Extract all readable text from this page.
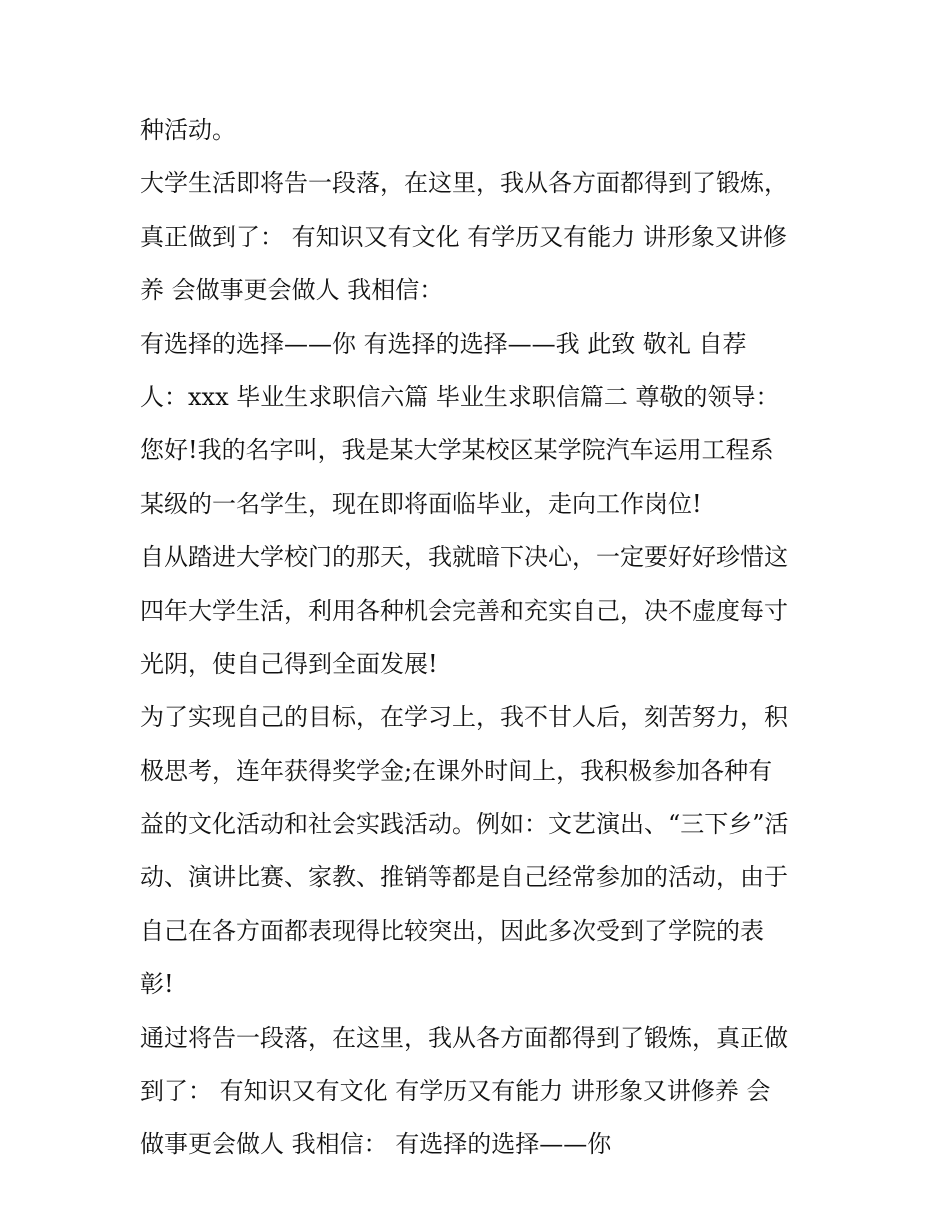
种活动。
大学生活即将告一段落，在这里，我从各方面都得到了锻炼，
真正做到了： 有知识又有文化 有学历又有能力 讲形象又讲修
养 会做事更会做人 我相信：
有选择的选择——你 有选择的选择——我 此致 敬礼 自荐
人：xxx 毕业生求职信六篇 毕业生求职信篇二 尊敬的领导：
您好!我的名字叫，我是某大学某校区某学院汽车运用工程系
某级的一名学生，现在即将面临毕业，走向工作岗位!
自从踏进大学校门的那天，我就暗下决心，一定要好好珍惜这
四年大学生活，利用各种机会完善和充实自己，决不虚度每寸
光阴，使自己得到全面发展!
为了实现自己的目标，在学习上，我不甘人后，刻苦努力，积
极思考，连年获得奖学金;在课外时间上，我积极参加各种有
益的文化活动和社会实践活动。例如：文艺演出、“三下乡”活
动、演讲比赛、家教、推销等都是自己经常参加的活动，由于
自己在各方面都表现得比较突出，因此多次受到了学院的表
彰!
通过将告一段落，在这里，我从各方面都得到了锻炼，真正做
到了： 有知识又有文化 有学历又有能力 讲形象又讲修养 会
做事更会做人 我相信： 有选择的选择——你
